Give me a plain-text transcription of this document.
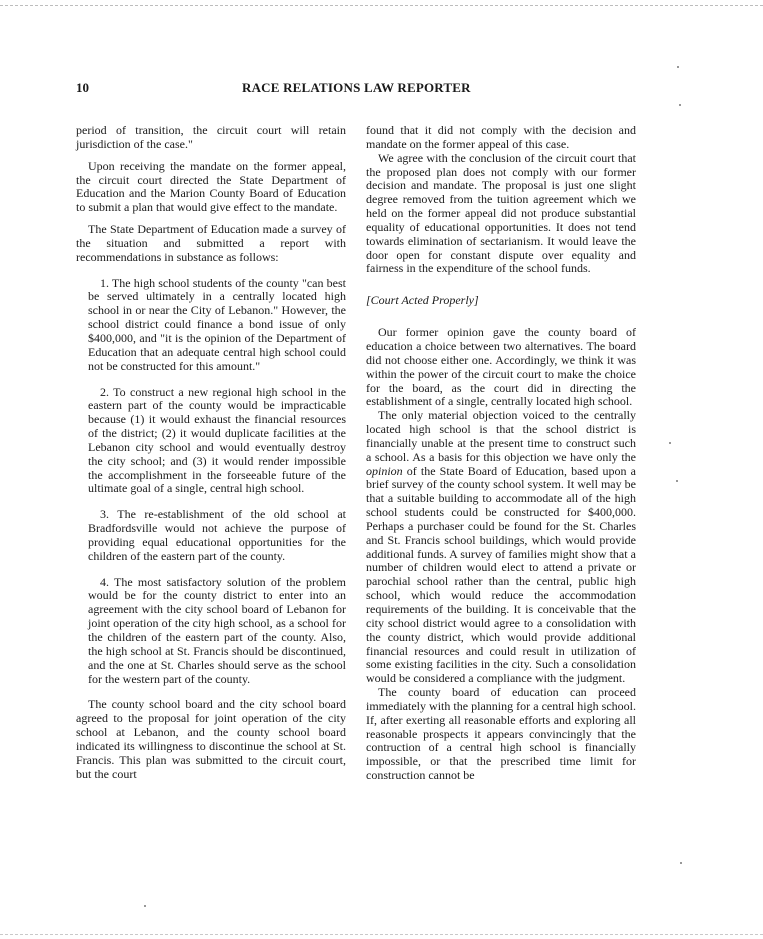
10	RACE RELATIONS LAW REPORTER

period of transition, the circuit court will retain jurisdiction of the case."

Upon receiving the mandate on the former appeal, the circuit court directed the State Department of Education and the Marion County Board of Education to submit a plan that would give effect to the mandate.

The State Department of Education made a survey of the situation and submitted a report with recommendations in substance as follows:

1. The high school students of the county "can best be served ultimately in a centrally located high school in or near the City of Lebanon." However, the school district could finance a bond issue of only $400,000, and "it is the opinion of the Department of Education that an adequate central high school could not be constructed for this amount."

2. To construct a new regional high school in the eastern part of the county would be impracticable because (1) it would exhaust the financial resources of the district; (2) it would duplicate facilities at the Lebanon city school and would eventually destroy the city school; and (3) it would render impossible the accomplishment in the forseeable future of the ultimate goal of a single, central high school.

3. The re-establishment of the old school at Bradfordsville would not achieve the purpose of providing equal educational opportunities for the children of the eastern part of the county.

4. The most satisfactory solution of the problem would be for the county district to enter into an agreement with the city school board of Lebanon for joint operation of the city high school, as a school for the children of the eastern part of the county. Also, the high school at St. Francis should be discontinued, and the one at St. Charles should serve as the school for the western part of the county.

The county school board and the city school board agreed to the proposal for joint operation of the city school at Lebanon, and the county school board indicated its willingness to discontinue the school at St. Francis. This plan was submitted to the circuit court, but the court

found that it did not comply with the decision and mandate on the former appeal of this case.

We agree with the conclusion of the circuit court that the proposed plan does not comply with our former decision and mandate. The proposal is just one slight degree removed from the tuition agreement which we held on the former appeal did not produce substantial equality of educational opportunities. It does not tend towards elimination of sectarianism. It would leave the door open for constant dispute over equality and fairness in the expenditure of the school funds.

[Court Acted Properly]

Our former opinion gave the county board of education a choice between two alternatives. The board did not choose either one. Accordingly, we think it was within the power of the circuit court to make the choice for the board, as the court did in directing the establishment of a single, centrally located high school.

The only material objection voiced to the centrally located high school is that the school district is financially unable at the present time to construct such a school. As a basis for this objection we have only the opinion of the State Board of Education, based upon a brief survey of the county school system. It well may be that a suitable building to accommodate all of the high school students could be constructed for $400,000. Perhaps a purchaser could be found for the St. Charles and St. Francis school buildings, which would provide additional funds. A survey of families might show that a number of children would elect to attend a private or parochial school rather than the central, public high school, which would reduce the accommodation requirements of the building. It is conceivable that the city school district would agree to a consolidation with the county district, which would provide additional financial resources and could result in utilization of some existing facilities in the city. Such a consolidation would be considered a compliance with the judgment.

The county board of education can proceed immediately with the planning for a central high school. If, after exerting all reasonable efforts and exploring all reasonable prospects it appears convincingly that the contruction of a central high school is financially impossible, or that the prescribed time limit for construction cannot be
